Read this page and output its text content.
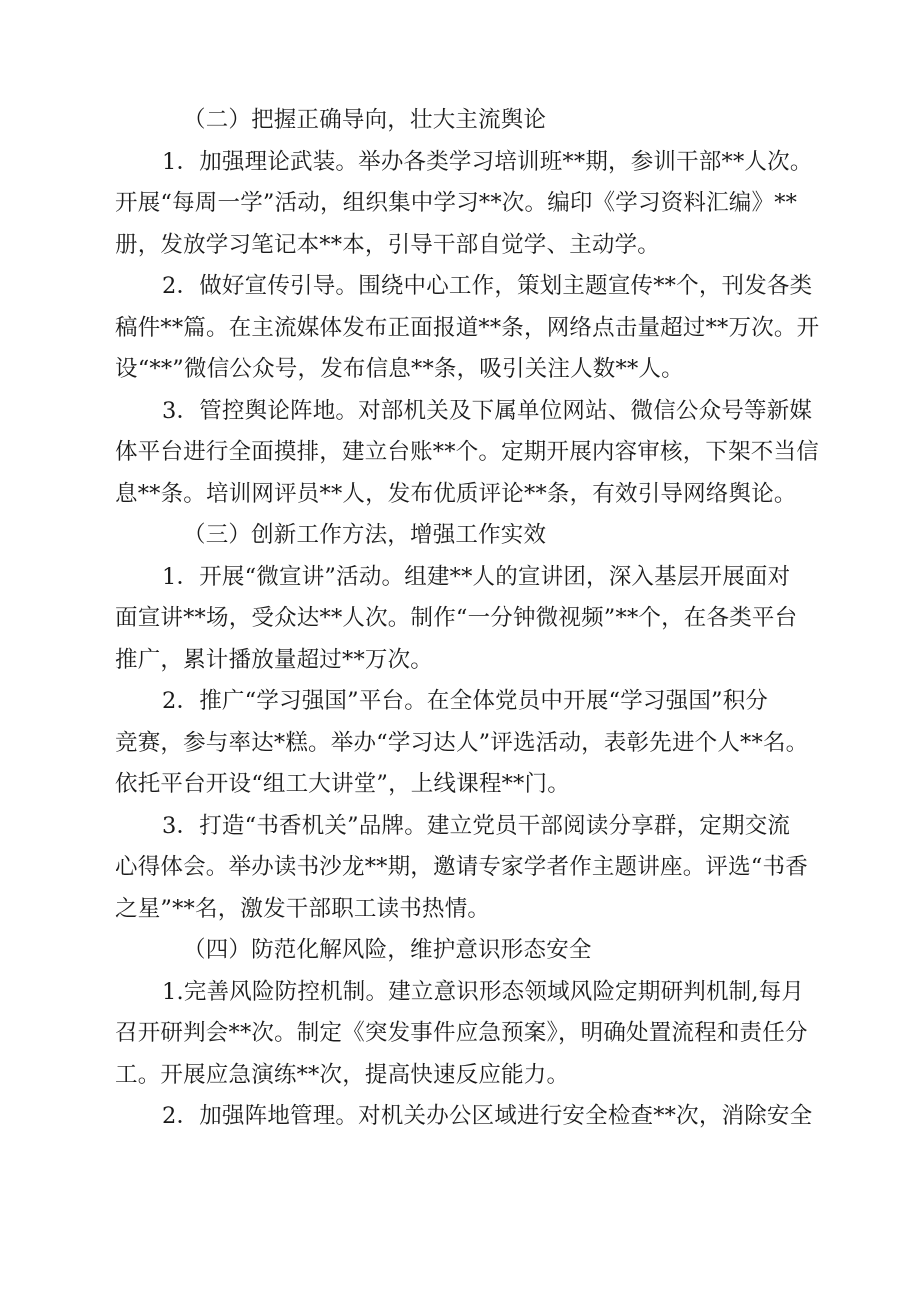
（二）把握正确导向，壮大主流舆论
1．加强理论武装。举办各类学习培训班**期，参训干部**人次。
开展“每周一学”活动，组织集中学习**次。编印《学习资料汇编》**
册，发放学习笔记本**本，引导干部自觉学、主动学。
2．做好宣传引导。围绕中心工作，策划主题宣传**个，刊发各类
稿件**篇。在主流媒体发布正面报道**条，网络点击量超过**万次。开
设“**”微信公众号，发布信息**条，吸引关注人数**人。
3．管控舆论阵地。对部机关及下属单位网站、微信公众号等新媒
体平台进行全面摸排，建立台账**个。定期开展内容审核，下架不当信
息**条。培训网评员**人，发布优质评论**条，有效引导网络舆论。
（三）创新工作方法，增强工作实效
1．开展“微宣讲”活动。组建**人的宣讲团，深入基层开展面对
面宣讲**场，受众达**人次。制作“一分钟微视频”**个，在各类平台
推广，累计播放量超过**万次。
2．推广“学习强国”平台。在全体党员中开展“学习强国”积分
竞赛，参与率达*糕。举办“学习达人”评选活动，表彰先进个人**名。
依托平台开设“组工大讲堂”，上线课程**门。
3．打造“书香机关”品牌。建立党员干部阅读分享群，定期交流
心得体会。举办读书沙龙**期，邀请专家学者作主题讲座。评选“书香
之星”**名，激发干部职工读书热情。
（四）防范化解风险，维护意识形态安全
1.完善风险防控机制。建立意识形态领域风险定期研判机制,每月
召开研判会**次。制定《突发事件应急预案》，明确处置流程和责任分
工。开展应急演练**次，提高快速反应能力。
2．加强阵地管理。对机关办公区域进行安全检查**次，消除安全
